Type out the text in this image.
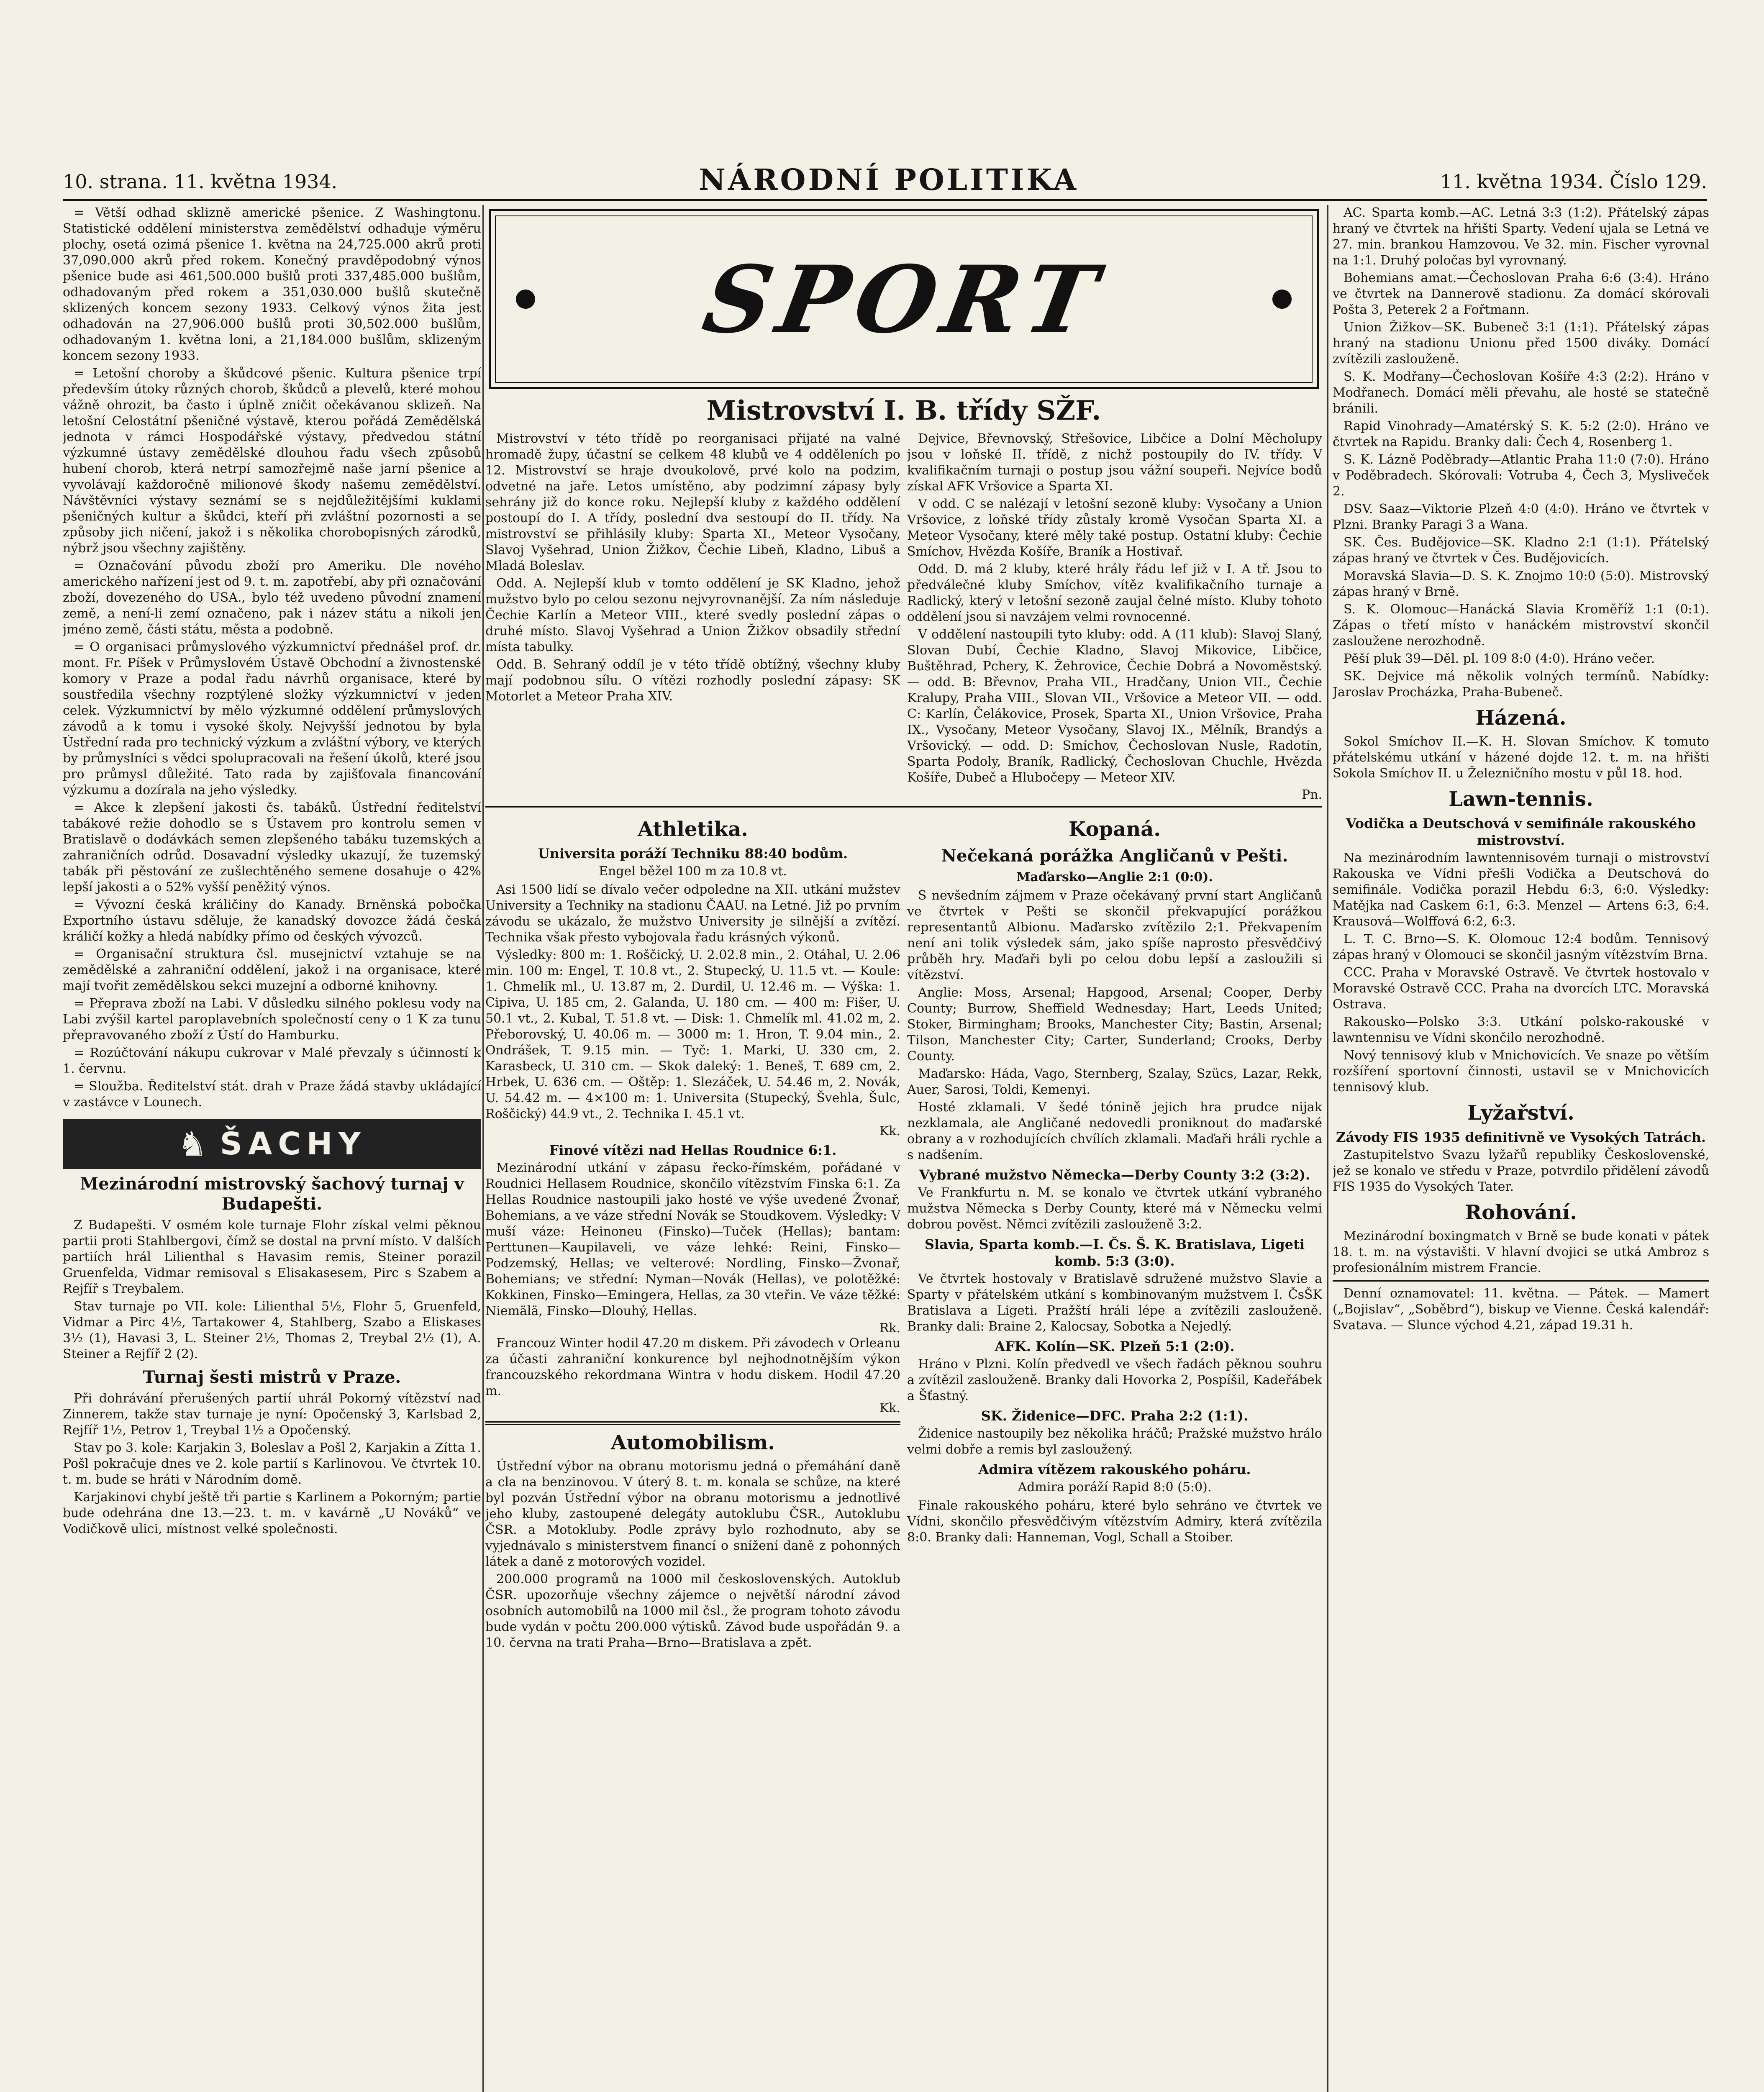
10. strana. 11. května 1934.	NÁRODNÍ POLITIKA	11. května 1934. Číslo 129.

= Větší odhad sklizně americké pšenice. Z Washingtonu. Statistické oddělení ministerstva zemědělství odhaduje výměru plochy, osetá ozimá pšenice 1. května na 24,725.000 akrů proti 37,090.000 akrů před rokem. Konečný pravděpodobný výnos pšenice bude asi 461,500.000 bušlů proti 337,485.000 bušlům, odhadovaným před rokem a 351,030.000 bušlů skutečně sklizených koncem sezony 1933. Celkový výnos žita jest odhadován na 27,906.000 bušlů proti 30,502.000 bušlům, odhadovaným 1. května loni, a 21,184.000 bušlům, sklizeným koncem sezony 1933.

= Letošní choroby a škůdcové pšenic. Kultura pšenice trpí především útoky různých chorob, škůdců a plevelů, které mohou vážně ohrozit, ba často i úplně zničit očekávanou sklizeň. Na letošní Celostátní pšeničné výstavě, kterou pořádá Zemědělská jednota v rámci Hospodářské výstavy, předvedou státní výzkumné ústavy zemědělské dlouhou řadu všech způsobů hubení chorob, která netrpí samozřejmě naše jarní pšenice a vyvolávají každoročně milionové škody našemu zemědělství. Návštěvníci výstavy seznámí se s nejdůležitějšími kuklami pšeničných kultur a škůdci, kteří při zvláštní pozornosti a se způsoby jich ničení, jakož i s několika chorobopisných zárodků, nýbrž jsou všechny zajištěny.

= Označování původu zboží pro Ameriku. Dle nového amerického nařízení jest od 9. t. m. zapotřebí, aby při označování zboží, dovezeného do USA., bylo též uvedeno původní znamení země, a není-li zemí označeno, pak i název státu a nikoli jen jméno země, části státu, města a podobně.

= O organisaci průmyslového výzkumnictví přednášel prof. dr. mont. Fr. Píšek v Průmyslovém Ústavě Obchodní a živnostenské komory v Praze a podal řadu návrhů organisace, které by soustředila všechny rozptýlené složky výzkumnictví v jeden celek. Výzkumnictví by mělo výzkumné oddělení průmyslových závodů a k tomu i vysoké školy. Nejvyšší jednotou by byla Ústřední rada pro technický výzkum a zvláštní výbory, ve kterých by průmyslníci s vědci spolupracovali na řešení úkolů, které jsou pro průmysl důležité. Tato rada by zajišťovala financování výzkumu a dozírala na jeho výsledky.

= Akce k zlepšení jakosti čs. tabáků. Ústřední ředitelství tabákové režie dohodlo se s Ústavem pro kontrolu semen v Bratislavě o dodávkách semen zlepšeného tabáku tuzemských a zahraničních odrůd. Dosavadní výsledky ukazují, že tuzemský tabák při pěstování ze zušlechtěného semene dosahuje o 42% lepší jakosti a o 52% vyšší peněžitý výnos.

= Vývozní česká králičiny do Kanady. Brněnská pobočka Exportního ústavu sděluje, že kanadský dovozce žádá česká králičí kožky a hledá nabídky přímo od českých vývozců.

= Organisační struktura čsl. musejnictví vztahuje se na zemědělské a zahraniční oddělení, jakož i na organisace, které mají tvořit zemědělskou sekci muzejní a odborné knihovny.

= Přeprava zboží na Labi. V důsledku silného poklesu vody na Labi zvýšil kartel paroplavebních společností ceny o 1 K za tunu přepravovaného zboží z Ústí do Hamburku.

= Rozúčtování nákupu cukrovar v Malé převzaly s účinností k 1. červnu.

= Sloužba. Ředitelství stát. drah v Praze žádá stavby ukládající v zastávce v Lounech.

♞ ŠACHY
Mezinárodní mistrovský šachový turnaj v Budapešti.

Z Budapešti. V osmém kole turnaje Flohr získal velmi pěknou partii proti Stahlbergovi, čímž se dostal na první místo. V dalších partiích hrál Lilienthal s Havasim remis, Steiner porazil Gruenfelda, Vidmar remisoval s Elisakasesem, Pirc s Szabem a Rejfíř s Treybalem.

Stav turnaje po VII. kole: Lilienthal 5½, Flohr 5, Gruenfeld, Vidmar a Pirc 4½, Tartakower 4, Stahlberg, Szabo a Eliskases 3½ (1), Havasi 3, L. Steiner 2½, Thomas 2, Treybal 2½ (1), A. Steiner a Rejfíř 2 (2).

Turnaj šesti mistrů v Praze.

Při dohrávání přerušených partií uhrál Pokorný vítězství nad Zinnerem, takže stav turnaje je nyní: Opočenský 3, Karlsbad 2, Rejfíř 1½, Petrov 1, Treybal 1½ a Opočenský.

Stav po 3. kole: Karjakin 3, Boleslav a Pošl 2, Karjakin a Zítta 1. Pošl pokračuje dnes ve 2. kole partií s Karlinovou. Ve čtvrtek 10. t. m. bude se hráti v Národním domě.

Karjakinovi chybí ještě tři partie s Karlinem a Pokorným; partie bude odehrána dne 13.—23. t. m. v kavárně „U Nováků“ ve Vodičkově ulici, místnost velké společnosti.

SPORT
Mistrovství I. B. třídy SŽF.

Mistrovství v této třídě po reorganisaci přijaté na valné hromadě župy, účastní se celkem 48 klubů ve 4 odděleních po 12. Mistrovství se hraje dvoukolově, prvé kolo na podzim, odvetné na jaře. Letos umístěno, aby podzimní zápasy byly sehrány již do konce roku. Nejlepší kluby z každého oddělení postoupí do I. A třídy, poslední dva sestoupí do II. třídy. Na mistrovství se přihlásily kluby: Sparta XI., Meteor Vysočany, Slavoj Vyšehrad, Union Žižkov, Čechie Libeň, Kladno, Libuš a Mladá Boleslav.

Odd. A. Nejlepší klub v tomto oddělení je SK Kladno, jehož mužstvo bylo po celou sezonu nejvyrovnanější. Za ním následuje Čechie Karlín a Meteor VIII., které svedly poslední zápas o druhé místo. Slavoj Vyšehrad a Union Žižkov obsadily střední místa tabulky.

Odd. B. Sehraný oddíl je v této třídě obtížný, všechny kluby mají podobnou sílu. O vítězi rozhodly poslední zápasy: SK Motorlet a Meteor Praha XIV.

Dejvice, Břevnovský, Střešovice, Libčice a Dolní Měcholupy jsou v loňské II. třídě, z nichž postoupily do IV. třídy. V kvalifikačním turnaji o postup jsou vážní soupeři. Nejvíce bodů získal AFK Vršovice a Sparta XI.

V odd. C se nalézají v letošní sezoně kluby: Vysočany a Union Vršovice, z loňské třídy zůstaly kromě Vysočan Sparta XI. a Meteor Vysočany, které měly také postup. Ostatní kluby: Čechie Smíchov, Hvězda Košíře, Braník a Hostivař.

Odd. D. má 2 kluby, které hrály řádu lef již v I. A tř. Jsou to předválečné kluby Smíchov, vítěz kvalifikačního turnaje a Radlický, který v letošní sezoně zaujal čelné místo. Kluby tohoto oddělení jsou si navzájem velmi rovnocenné.

V oddělení nastoupili tyto kluby: odd. A (11 klub): Slavoj Slaný, Slovan Dubí, Čechie Kladno, Slavoj Mikovice, Libčice, Buštěhrad, Pchery, K. Žehrovice, Čechie Dobrá a Novoměstský. — odd. B: Břevnov, Praha VII., Hradčany, Union VII., Čechie Kralupy, Praha VIII., Slovan VII., Vršovice a Meteor VII. — odd. C: Karlín, Čelákovice, Prosek, Sparta XI., Union Vršovice, Praha IX., Vysočany, Meteor Vysočany, Slavoj IX., Mělník, Brandýs a Vršovický. — odd. D: Smíchov, Čechoslovan Nusle, Radotín, Sparta Podoly, Braník, Radlický, Čechoslovan Chuchle, Hvězda Košíře, Dubeč a Hlubočepy — Meteor XIV.

Pn.
Athletika.
Universita poráží Techniku 88:40 bodům.
Engel běžel 100 m za 10.8 vt.

Asi 1500 lidí se dívalo večer odpoledne na XII. utkání mužstev University a Techniky na stadionu ČAAU. na Letné. Již po prvním závodu se ukázalo, že mužstvo University je silnější a zvítězí. Technika však přesto vybojovala řadu krásných výkonů.

Výsledky: 800 m: 1. Roščický, U. 2.02.8 min., 2. Otáhal, U. 2.06 min. 100 m: Engel, T. 10.8 vt., 2. Stupecký, U. 11.5 vt. — Koule: 1. Chmelík ml., U. 13.87 m, 2. Durdil, U. 12.46 m. — Výška: 1. Cipiva, U. 185 cm, 2. Galanda, U. 180 cm. — 400 m: Fišer, U. 50.1 vt., 2. Kubal, T. 51.8 vt. — Disk: 1. Chmelík ml. 41.02 m, 2. Přeborovský, U. 40.06 m. — 3000 m: 1. Hron, T. 9.04 min., 2. Ondrášek, T. 9.15 min. — Tyč: 1. Marki, U. 330 cm, 2. Karasbeck, U. 310 cm. — Skok daleký: 1. Beneš, T. 689 cm, 2. Hrbek, U. 636 cm. — Oštěp: 1. Slezáček, U. 54.46 m, 2. Novák, U. 54.42 m. — 4×100 m: 1. Universita (Stupecký, Švehla, Šulc, Roščický) 44.9 vt., 2. Technika I. 45.1 vt.

Kk.
Finové vítězi nad Hellas Roudnice 6:1.

Mezinárodní utkání v zápasu řecko-římském, pořádané v Roudnici Hellasem Roudnice, skončilo vítězstvím Finska 6:1. Za Hellas Roudnice nastoupili jako hosté ve výše uvedené Žvonař, Bohemians, a ve váze střední Novák se Stoudkovem. Výsledky: V muší váze: Heinoneu (Finsko)—Tuček (Hellas); bantam: Perttunen—Kaupilaveli, ve váze lehké: Reini, Finsko—Podzemský, Hellas; ve velterové: Nordling, Finsko—Žvonař, Bohemians; ve střední: Nyman—Novák (Hellas), ve polotěžké: Kokkinen, Finsko—Emingera, Hellas, za 30 vteřin. Ve váze těžké: Niemälä, Finsko—Dlouhý, Hellas.

Rk.

Francouz Winter hodil 47.20 m diskem. Při závodech v Orleanu za účasti zahraniční konkurence byl nejhodnotnějším výkon francouzského rekordmana Wintra v hodu diskem. Hodil 47.20 m.

Kk.
Automobilism.

Ústřední výbor na obranu motorismu jedná o přemáhání daně a cla na benzinovou. V úterý 8. t. m. konala se schůze, na které byl pozván Ústřední výbor na obranu motorismu a jednotlivé jeho kluby, zastoupené delegáty autoklubu ČSR., Autoklubu ČSR. a Motokluby. Podle zprávy bylo rozhodnuto, aby se vyjednávalo s ministerstvem financí o snížení daně z pohonných látek a daně z motorových vozidel.

200.000 programů na 1000 mil československých. Autoklub ČSR. upozorňuje všechny zájemce o největší národní závod osobních automobilů na 1000 mil čsl., že program tohoto závodu bude vydán v počtu 200.000 výtisků. Závod bude uspořádán 9. a 10. června na trati Praha—Brno—Bratislava a zpět.

Kopaná.
Nečekaná porážka Angličanů v Pešti.
Maďarsko—Anglie 2:1 (0:0).

S nevšedním zájmem v Praze očekávaný první start Angličanů ve čtvrtek v Pešti se skončil překvapující porážkou representantů Albionu. Maďarsko zvítězilo 2:1. Překvapením není ani tolik výsledek sám, jako spíše naprosto přesvědčivý průběh hry. Maďaři byli po celou dobu lepší a zasloužili si vítězství.

Anglie: Moss, Arsenal; Hapgood, Arsenal; Cooper, Derby County; Burrow, Sheffield Wednesday; Hart, Leeds United; Stoker, Birmingham; Brooks, Manchester City; Bastin, Arsenal; Tilson, Manchester City; Carter, Sunderland; Crooks, Derby County.

Maďarsko: Háda, Vago, Sternberg, Szalay, Szücs, Lazar, Rekk, Auer, Sarosi, Toldi, Kemenyi.

Hosté zklamali. V šedé tónině jejich hra prudce nijak nezklamala, ale Angličané nedovedli proniknout do maďarské obrany a v rozhodujících chvílích zklamali. Maďaři hráli rychle a s nadšením.

Vybrané mužstvo Německa—Derby County 3:2 (3:2).

Ve Frankfurtu n. M. se konalo ve čtvrtek utkání vybraného mužstva Německa s Derby County, které má v Německu velmi dobrou pověst. Němci zvítězili zaslouženě 3:2.

Slavia, Sparta komb.—I. Čs. Š. K. Bratislava, Ligeti komb. 5:3 (3:0).

Ve čtvrtek hostovaly v Bratislavě sdružené mužstvo Slavie a Sparty v přátelském utkání s kombinovaným mužstvem I. ČsŠK Bratislava a Ligeti. Pražští hráli lépe a zvítězili zaslouženě. Branky dali: Braine 2, Kalocsay, Sobotka a Nejedlý.

AFK. Kolín—SK. Plzeň 5:1 (2:0).

Hráno v Plzni. Kolín předvedl ve všech řadách pěknou souhru a zvítězil zaslouženě. Branky dali Hovorka 2, Pospíšil, Kadeřábek a Šťastný.

SK. Židenice—DFC. Praha 2:2 (1:1).

Židenice nastoupily bez několika hráčů; Pražské mužstvo hrálo velmi dobře a remis byl zasloužený.

Admira vítězem rakouského poháru.
Admira poráží Rapid 8:0 (5:0).

Finale rakouského poháru, které bylo sehráno ve čtvrtek ve Vídni, skončilo přesvědčivým vítězstvím Admiry, která zvítězila 8:0. Branky dali: Hanneman, Vogl, Schall a Stoiber.

AC. Sparta komb.—AC. Letná 3:3 (1:2). Přátelský zápas hraný ve čtvrtek na hřišti Sparty. Vedení ujala se Letná ve 27. min. brankou Hamzovou. Ve 32. min. Fischer vyrovnal na 1:1. Druhý poločas byl vyrovnaný.

Bohemians amat.—Čechoslovan Praha 6:6 (3:4). Hráno ve čtvrtek na Dannerově stadionu. Za domácí skórovali Pošta 3, Peterek 2 a Fořtmann.

Union Žižkov—SK. Bubeneč 3:1 (1:1). Přátelský zápas hraný na stadionu Unionu před 1500 diváky. Domácí zvítězili zaslouženě.

S. K. Modřany—Čechoslovan Košíře 4:3 (2:2). Hráno v Modřanech. Domácí měli převahu, ale hosté se statečně bránili.

Rapid Vinohrady—Amatérský S. K. 5:2 (2:0). Hráno ve čtvrtek na Rapidu. Branky dali: Čech 4, Rosenberg 1.

S. K. Lázně Poděbrady—Atlantic Praha 11:0 (7:0). Hráno v Poděbradech. Skórovali: Votruba 4, Čech 3, Mysliveček 2.

DSV. Saaz—Viktorie Plzeň 4:0 (4:0). Hráno ve čtvrtek v Plzni. Branky Paragi 3 a Wana.

SK. Čes. Budějovice—SK. Kladno 2:1 (1:1). Přátelský zápas hraný ve čtvrtek v Čes. Budějovicích.

Moravská Slavia—D. S. K. Znojmo 10:0 (5:0). Mistrovský zápas hraný v Brně.

S. K. Olomouc—Hanácká Slavia Kroměříž 1:1 (0:1). Zápas o třetí místo v hanáckém mistrovství skončil zasloužene nerozhodně.

Pěší pluk 39—Děl. pl. 109 8:0 (4:0). Hráno večer.

SK. Dejvice má několik volných termínů. Nabídky: Jaroslav Procházka, Praha-Bubeneč.

Házená.

Sokol Smíchov II.—K. H. Slovan Smíchov. K tomuto přátelskému utkání v házené dojde 12. t. m. na hřišti Sokola Smíchov II. u Železničního mostu v půl 18. hod.

Lawn-tennis.
Vodička a Deutschová v semifinále rakouského mistrovství.

Na mezinárodním lawntennisovém turnaji o mistrovství Rakouska ve Vídni přešli Vodička a Deutschová do semifinále. Vodička porazil Hebdu 6:3, 6:0. Výsledky: Matějka nad Caskem 6:1, 6:3. Menzel — Artens 6:3, 6:4. Krausová—Wolffová 6:2, 6:3.

L. T. C. Brno—S. K. Olomouc 12:4 bodům. Tennisový zápas hraný v Olomouci se skončil jasným vítězstvím Brna.

CCC. Praha v Moravské Ostravě. Ve čtvrtek hostovalo v Moravské Ostravě CCC. Praha na dvorcích LTC. Moravská Ostrava.

Rakousko—Polsko 3:3. Utkání polsko-rakouské v lawntennisu ve Vídni skončilo nerozhodně.

Nový tennisový klub v Mnichovicích. Ve snaze po větším rozšíření sportovní činnosti, ustavil se v Mnichovicích tennisový klub.

Lyžařství.
Závody FIS 1935 definitivně ve Vysokých Tatrách.

Zastupitelstvo Svazu lyžařů republiky Československé, jež se konalo ve středu v Praze, potvrdilo přidělení závodů FIS 1935 do Vysokých Tater.

Rohování.

Mezinárodní boxingmatch v Brně se bude konati v pátek 18. t. m. na výstavišti. V hlavní dvojici se utká Ambroz s profesionálním mistrem Francie.

Denní oznamovatel: 11. května. — Pátek. — Mamert („Bojislav“, „Soběbrd“), biskup ve Vienne. Česká kalendář: Svatava. — Slunce východ 4.21, západ 19.31 h.
